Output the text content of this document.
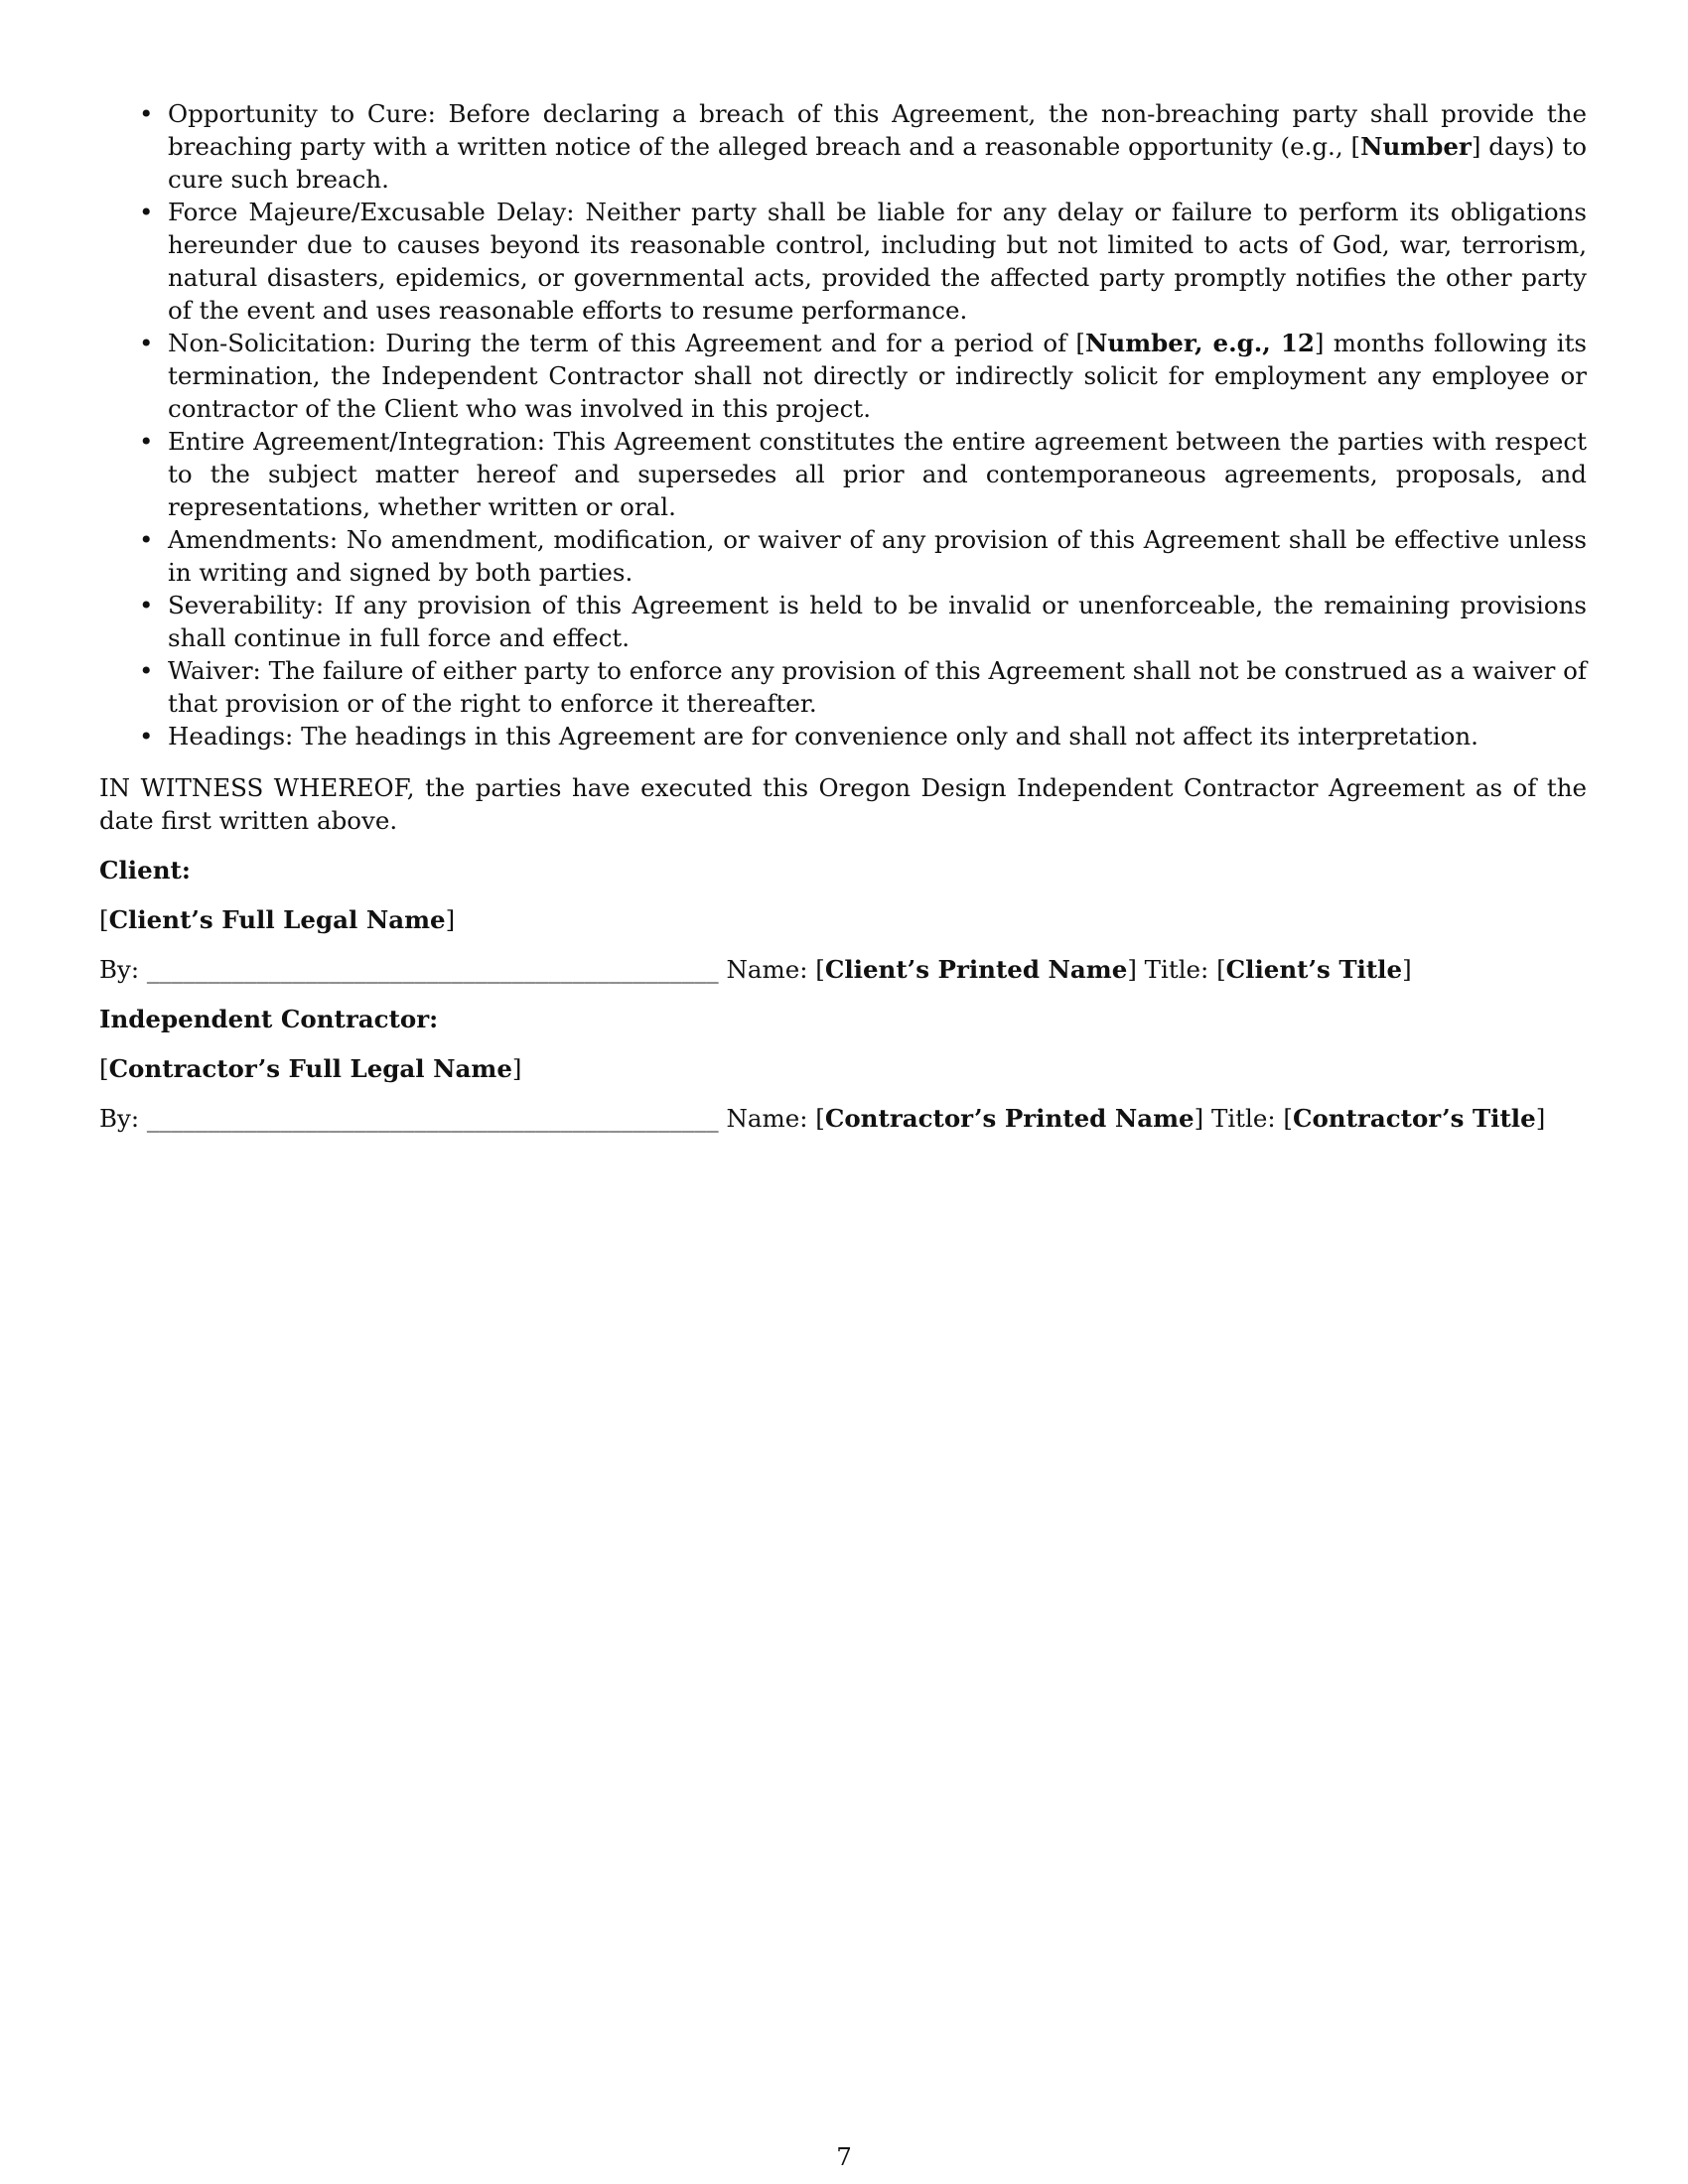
• Opportunity to Cure: Before declaring a breach of this Agreement, the non-breaching party shall provide the breaching party with a written notice of the alleged breach and a reasonable opportunity (e.g., [Number] days) to cure such breach.
• Force Majeure/Excusable Delay: Neither party shall be liable for any delay or failure to perform its obligations hereunder due to causes beyond its reasonable control, including but not limited to acts of God, war, terrorism, natural disasters, epidemics, or governmental acts, provided the affected party promptly notifies the other party of the event and uses reasonable efforts to resume performance.
• Non-Solicitation: During the term of this Agreement and for a period of [Number, e.g., 12] months following its termination, the Independent Contractor shall not directly or indirectly solicit for employment any employee or contractor of the Client who was involved in this project.
• Entire Agreement/Integration: This Agreement constitutes the entire agreement between the parties with respect to the subject matter hereof and supersedes all prior and contemporaneous agreements, proposals, and representations, whether written or oral.
• Amendments: No amendment, modification, or waiver of any provision of this Agreement shall be effective unless in writing and signed by both parties.
• Severability: If any provision of this Agreement is held to be invalid or unenforceable, the remaining provisions shall continue in full force and effect.
• Waiver: The failure of either party to enforce any provision of this Agreement shall not be construed as a waiver of that provision or of the right to enforce it thereafter.
• Headings: The headings in this Agreement are for convenience only and shall not affect its interpretation.

IN WITNESS WHEREOF, the parties have executed this Oregon Design Independent Contractor Agreement as of the date first written above.

Client:

[Client’s Full Legal Name]

By: _______________________________________________ Name: [Client’s Printed Name] Title: [Client’s Title]

Independent Contractor:

[Contractor’s Full Legal Name]

By: _______________________________________________ Name: [Contractor’s Printed Name] Title: [Contractor’s Title]

7
